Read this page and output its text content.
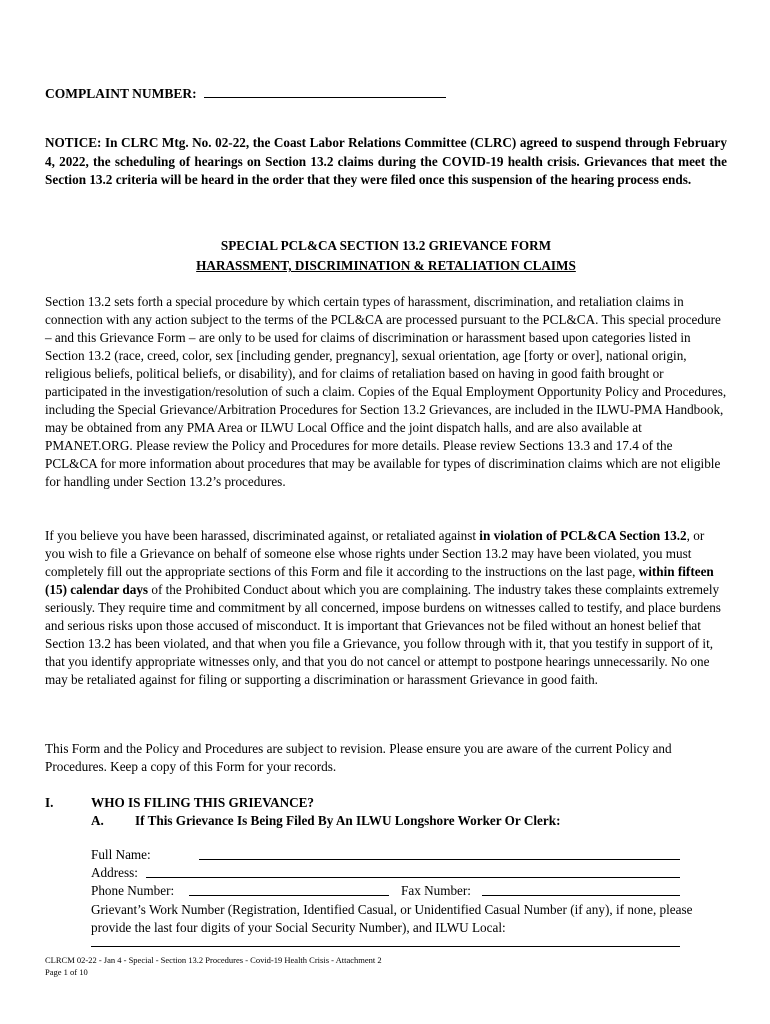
COMPLAINT NUMBER:
NOTICE: In CLRC Mtg. No. 02-22, the Coast Labor Relations Committee (CLRC) agreed to suspend through February 4, 2022, the scheduling of hearings on Section 13.2 claims during the COVID-19 health crisis. Grievances that meet the Section 13.2 criteria will be heard in the order that they were filed once this suspension of the hearing process ends.
SPECIAL PCL&CA SECTION 13.2 GRIEVANCE FORM
HARASSMENT, DISCRIMINATION & RETALIATION CLAIMS
Section 13.2 sets forth a special procedure by which certain types of harassment, discrimination, and retaliation claims in connection with any action subject to the terms of the PCL&CA are processed pursuant to the PCL&CA. This special procedure – and this Grievance Form – are only to be used for claims of discrimination or harassment based upon categories listed in Section 13.2 (race, creed, color, sex [including gender, pregnancy], sexual orientation, age [forty or over], national origin, religious beliefs, political beliefs, or disability), and for claims of retaliation based on having in good faith brought or participated in the investigation/resolution of such a claim. Copies of the Equal Employment Opportunity Policy and Procedures, including the Special Grievance/Arbitration Procedures for Section 13.2 Grievances, are included in the ILWU-PMA Handbook, may be obtained from any PMA Area or ILWU Local Office and the joint dispatch halls, and are also available at PMANET.ORG. Please review the Policy and Procedures for more details. Please review Sections 13.3 and 17.4 of the PCL&CA for more information about procedures that may be available for types of discrimination claims which are not eligible for handling under Section 13.2’s procedures.
If you believe you have been harassed, discriminated against, or retaliated against in violation of PCL&CA Section 13.2, or you wish to file a Grievance on behalf of someone else whose rights under Section 13.2 may have been violated, you must completely fill out the appropriate sections of this Form and file it according to the instructions on the last page, within fifteen (15) calendar days of the Prohibited Conduct about which you are complaining. The industry takes these complaints extremely seriously. They require time and commitment by all concerned, impose burdens on witnesses called to testify, and place burdens and serious risks upon those accused of misconduct. It is important that Grievances not be filed without an honest belief that Section 13.2 has been violated, and that when you file a Grievance, you follow through with it, that you testify in support of it, that you identify appropriate witnesses only, and that you do not cancel or attempt to postpone hearings unnecessarily. No one may be retaliated against for filing or supporting a discrimination or harassment Grievance in good faith.
This Form and the Policy and Procedures are subject to revision. Please ensure you are aware of the current Policy and Procedures. Keep a copy of this Form for your records.
I.	WHO IS FILING THIS GRIEVANCE?
A. If This Grievance Is Being Filed By An ILWU Longshore Worker Or Clerk:
Full Name:
Address:
Phone Number:	Fax Number:
Grievant’s Work Number (Registration, Identified Casual, or Unidentified Casual Number (if any), if none, please provide the last four digits of your Social Security Number), and ILWU Local:
CLRCM 02-22 - Jan 4 - Special - Section 13.2 Procedures - Covid-19 Health Crisis - Attachment 2
Page 1 of 10
